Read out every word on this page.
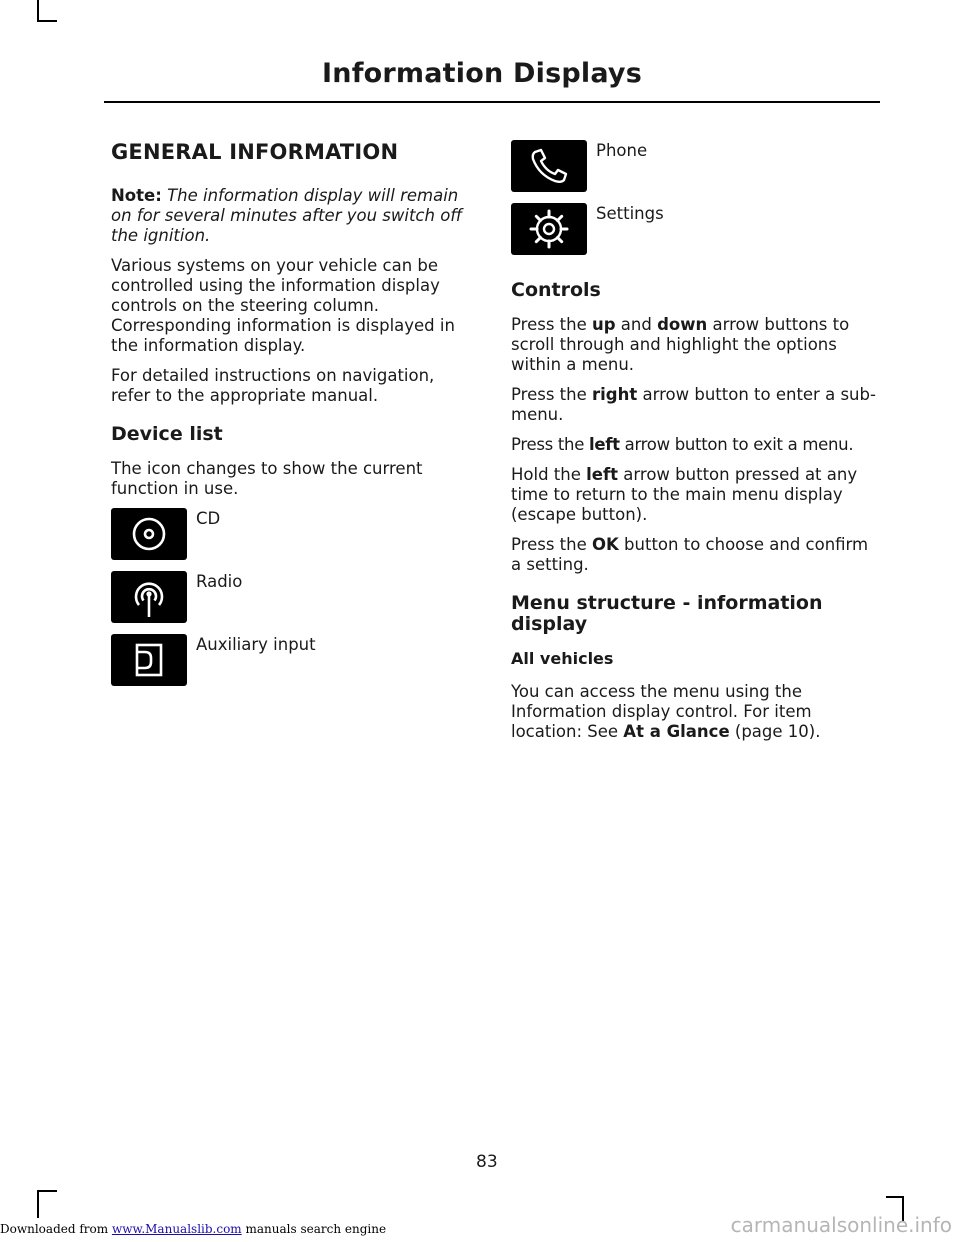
Information Displays
GENERAL INFORMATION

Note: The information display will remain on for several minutes after you switch off the ignition.

Various systems on your vehicle can be controlled using the information display controls on the steering column. Corresponding information is displayed in the information display.

For detailed instructions on navigation, refer to the appropriate manual.

Device list

The icon changes to show the current function in use.

CD
Radio
Auxiliary input
Phone
Settings
Controls

Press the up and down arrow buttons to scroll through and highlight the options within a menu.

Press the right arrow button to enter a sub-menu.

Press the left arrow button to exit a menu.

Hold the left arrow button pressed at any time to return to the main menu display (escape button).

Press the OK button to choose and confirm a setting.

Menu structure - information display
All vehicles

You can access the menu using the Information display control. For item location: See At a Glance (page 10).

83
Downloaded from www.Manualslib.com manuals search engine	carmanualsonline.info
